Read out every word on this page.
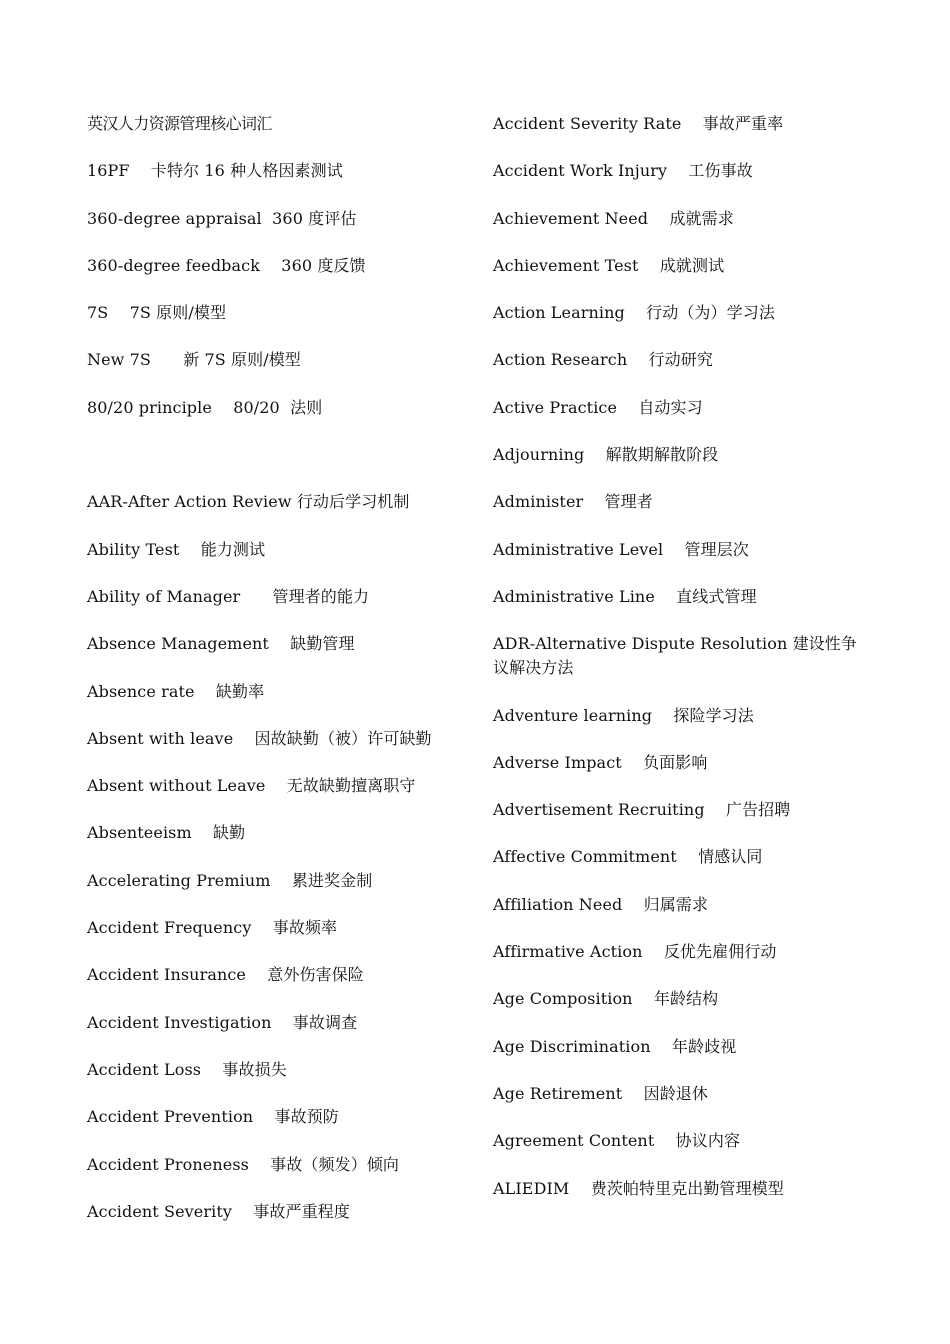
英汉人力资源管理核心词汇

16PF　 卡特尔 16 种人格因素测试

360-degree appraisal  360 度评估

360-degree feedback　 360 度反馈

7S　 7S 原则/模型

New 7S　　新 7S 原则/模型

80/20 principle　 80/20  法则

AAR-After Action Review 行动后学习机制

Ability Test　 能力测试

Ability of Manager　　管理者的能力

Absence Management　 缺勤管理

Absence rate　 缺勤率

Absent with leave　 因故缺勤（被）许可缺勤

Absent without Leave　 无故缺勤擅离职守

Absenteeism　 缺勤

Accelerating Premium　 累进奖金制

Accident Frequency　 事故频率

Accident Insurance　 意外伤害保险

Accident Investigation　 事故调查

Accident Loss　 事故损失

Accident Prevention　 事故预防

Accident Proneness　 事故（频发）倾向

Accident Severity　 事故严重程度

Accident Severity Rate　 事故严重率

Accident Work Injury　 工伤事故

Achievement Need　 成就需求

Achievement Test　 成就测试

Action Learning　 行动（为）学习法

Action Research　 行动研究

Active Practice　 自动实习

Adjourning　 解散期解散阶段

Administer　 管理者

Administrative Level　 管理层次

Administrative Line　 直线式管理

ADR-Alternative Dispute Resolution 建设性争议解决方法

Adventure learning　 探险学习法

Adverse Impact　 负面影响

Advertisement Recruiting　 广告招聘

Affective Commitment　 情感认同

Affiliation Need　 归属需求

Affirmative Action　 反优先雇佣行动

Age Composition　 年龄结构

Age Discrimination　 年龄歧视

Age Retirement　 因龄退休

Agreement Content　 协议内容

ALIEDIM　 费茨帕特里克出勤管理模型
